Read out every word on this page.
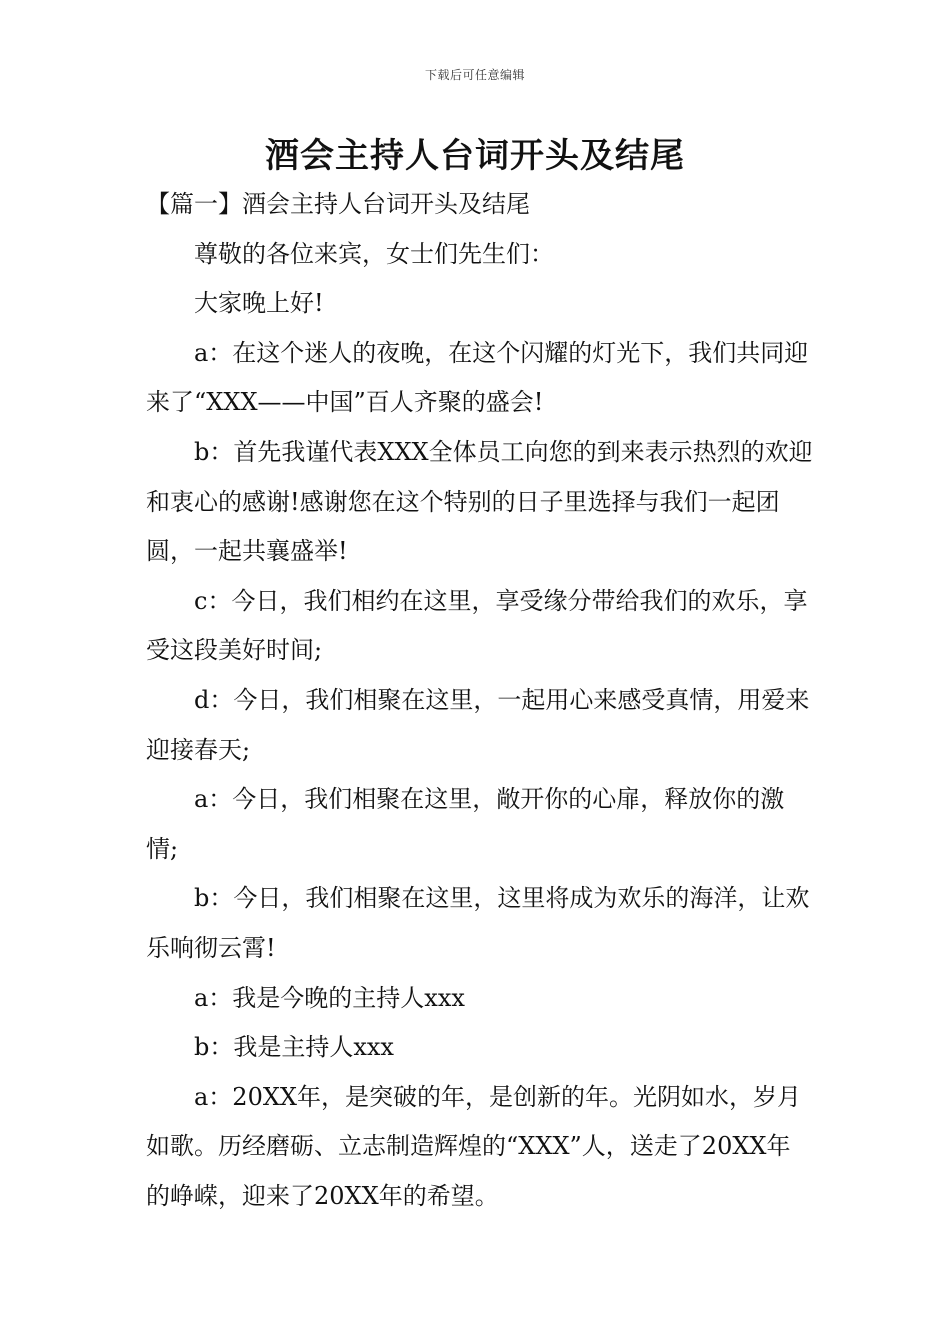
下载后可任意编辑
酒会主持人台词开头及结尾

【篇一】酒会主持人台词开头及结尾

尊敬的各位来宾，女士们先生们：

大家晚上好!

a：在这个迷人的夜晚，在这个闪耀的灯光下，我们共同迎来了“XXX——中国”百人齐聚的盛会!

b：首先我谨代表XXX全体员工向您的到来表示热烈的欢迎和衷心的感谢!感谢您在这个特别的日子里选择与我们一起团圆，一起共襄盛举!

c：今日，我们相约在这里，享受缘分带给我们的欢乐，享受这段美好时间;

d：今日，我们相聚在这里，一起用心来感受真情，用爱来迎接春天;

a：今日，我们相聚在这里，敞开你的心扉，释放你的激情;

b：今日，我们相聚在这里，这里将成为欢乐的海洋，让欢乐响彻云霄!

a：我是今晚的主持人xxx

b：我是主持人xxx

a：20XX年，是突破的年，是创新的年。光阴如水，岁月如歌。历经磨砺、立志制造辉煌的“XXX”人，送走了20XX年的峥嵘，迎来了20XX年的希望。
